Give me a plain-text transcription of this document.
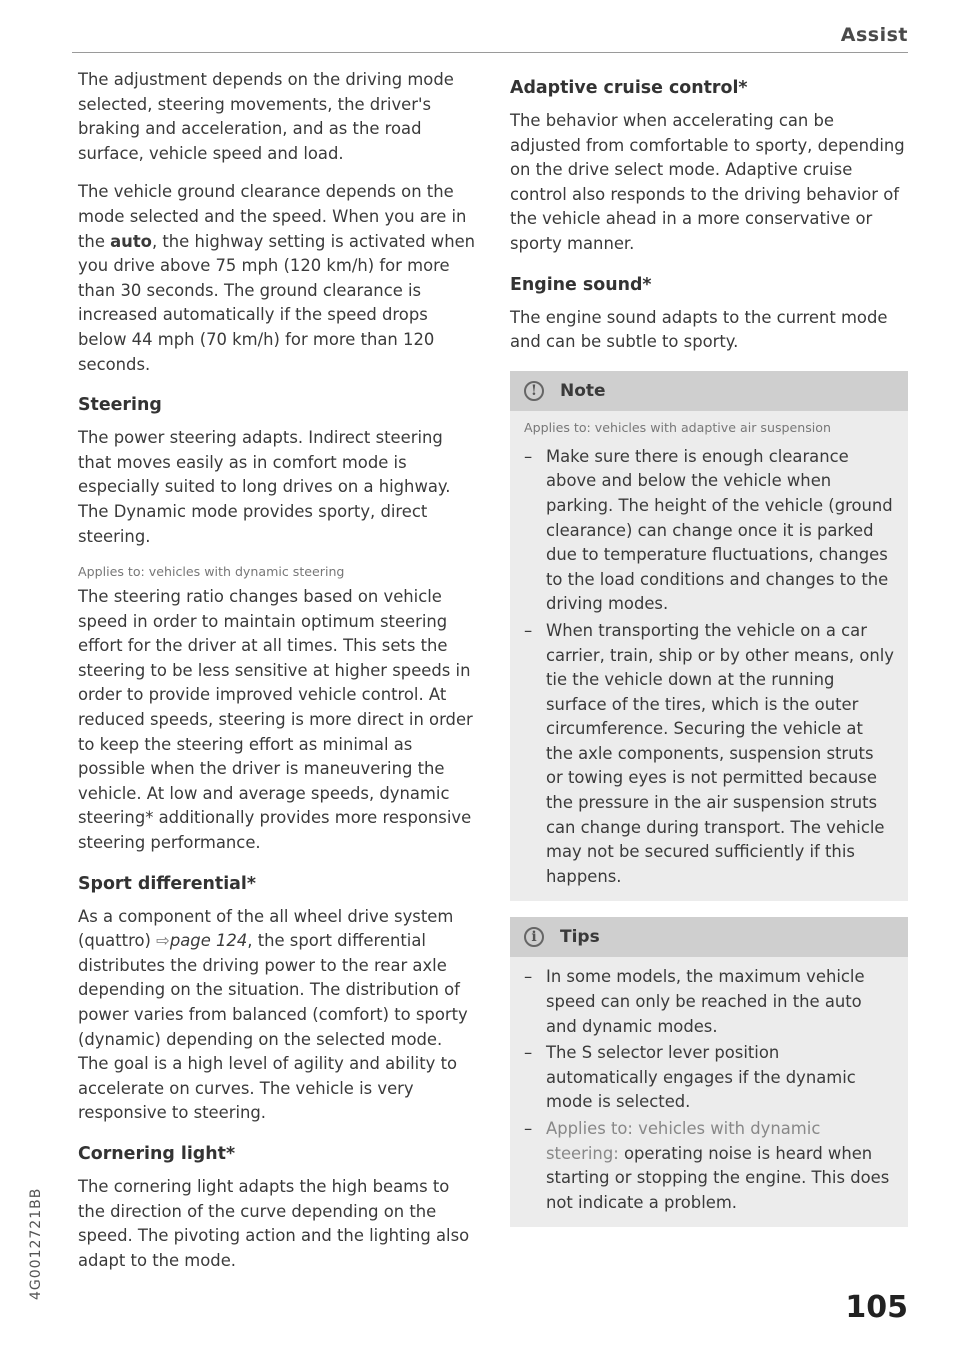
Assist

The adjustment depends on the driving mode selected, steering movements, the driver's braking and acceleration, and as the road surface, vehicle speed and load.

The vehicle ground clearance depends on the mode selected and the speed. When you are in the auto, the highway setting is activated when you drive above 75 mph (120 km/h) for more than 30 seconds. The ground clearance is increased automatically if the speed drops below 44 mph (70 km/h) for more than 120 seconds.

Steering

The power steering adapts. Indirect steering that moves easily as in comfort mode is especially suited to long drives on a highway. The Dynamic mode provides sporty, direct steering.

Applies to: vehicles with dynamic steering

The steering ratio changes based on vehicle speed in order to maintain optimum steering effort for the driver at all times. This sets the steering to be less sensitive at higher speeds in order to provide improved vehicle control. At reduced speeds, steering is more direct in order to keep the steering effort as minimal as possible when the driver is maneuvering the vehicle. At low and average speeds, dynamic steering* additionally provides more responsive steering performance.

Sport differential*

As a component of the all wheel drive system (quattro) ⇨page 124, the sport differential distributes the driving power to the rear axle depending on the situation. The distribution of power varies from balanced (comfort) to sporty (dynamic) depending on the selected mode. The goal is a high level of agility and ability to accelerate on curves. The vehicle is very responsive to steering.

Cornering light*

The cornering light adapts the high beams to the direction of the curve depending on the speed. The pivoting action and the lighting also adapt to the mode.

Adaptive cruise control*

The behavior when accelerating can be adjusted from comfortable to sporty, depending on the drive select mode. Adaptive cruise control also responds to the driving behavior of the vehicle ahead in a more conservative or sporty manner.

Engine sound*

The engine sound adapts to the current mode and can be subtle to sporty.

!	Note
Applies to: vehicles with adaptive air suspension
– Make sure there is enough clearance above and below the vehicle when parking. The height of the vehicle (ground clearance) can change once it is parked due to temperature fluctuations, changes to the load conditions and changes to the driving modes.
– When transporting the vehicle on a car carrier, train, ship or by other means, only tie the vehicle down at the running surface of the tires, which is the outer circumference. Securing the vehicle at the axle components, suspension struts or towing eyes is not permitted because the pressure in the air suspension struts can change during transport. The vehicle may not be secured sufficiently if this happens.
i	Tips
– In some models, the maximum vehicle speed can only be reached in the auto and dynamic modes.
– The S selector lever position automatically engages if the dynamic mode is selected.
– Applies to: vehicles with dynamic steering: operating noise is heard when starting or stopping the engine. This does not indicate a problem.
4G0012721BB
105
